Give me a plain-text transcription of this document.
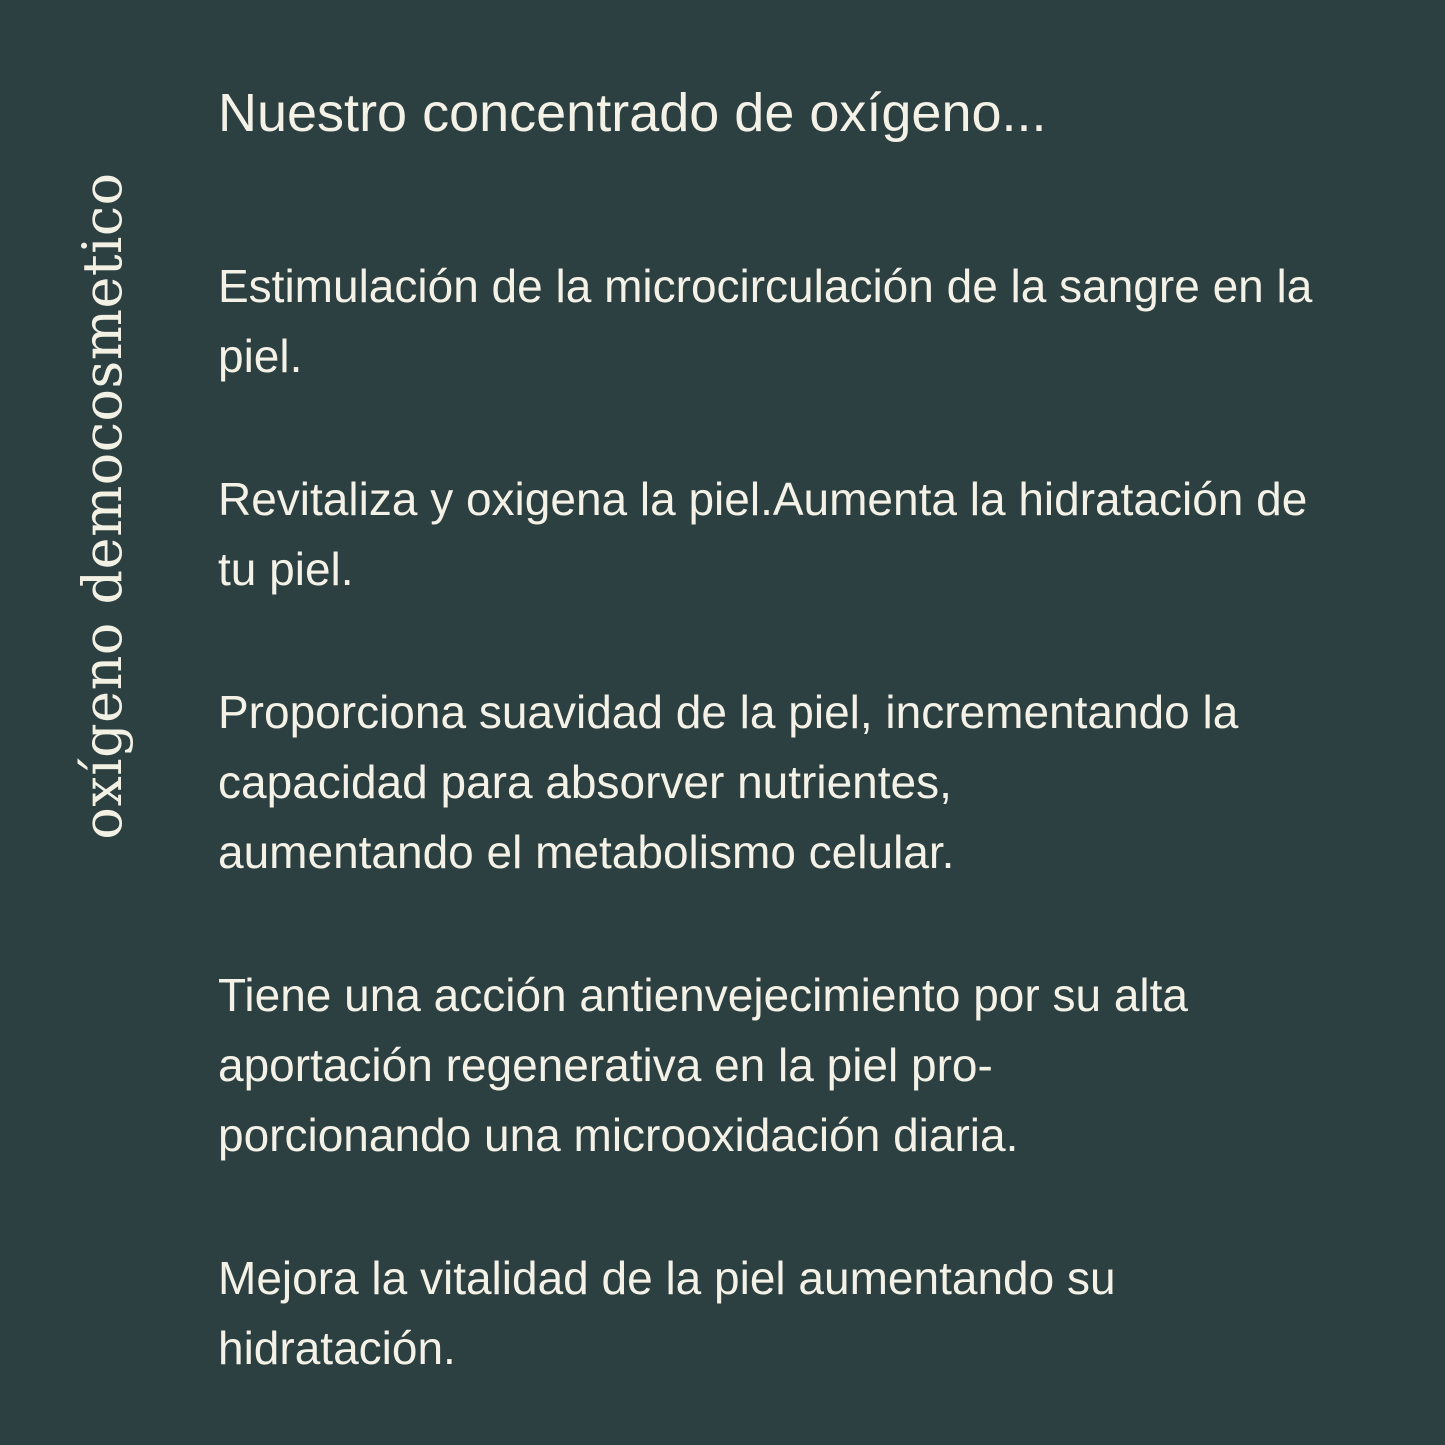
oxígeno democosmetico
Nuestro concentrado de oxígeno...
Estimulación de la microcirculación de la sangre en la
piel.
Revitaliza y oxigena la piel.Aumenta la hidratación de
tu piel.
Proporciona suavidad de la piel, incrementando la
capacidad para absorver nutrientes,
aumentando el metabolismo celular.
Tiene una acción antienvejecimiento por su alta
aportación regenerativa en la piel pro-
porcionando una microoxidación diaria.
Mejora la vitalidad de la piel aumentando su
hidratación.
